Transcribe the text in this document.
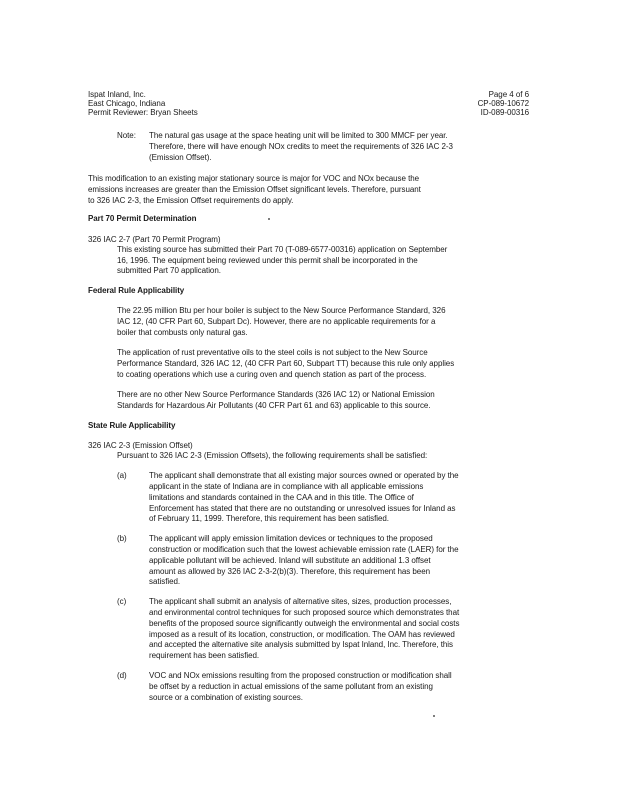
Ispat Inland, Inc.
East Chicago, Indiana
Permit Reviewer: Bryan Sheets
Page 4 of 6
CP-089-10672
ID-089-00316
Note: The natural gas usage at the space heating unit will be limited to 300 MMCF per year.
Therefore, there will have enough NOx credits to meet the requirements of 326 IAC 2-3
(Emission Offset).
This modification to an existing major stationary source is major for VOC and NOx because the
emissions increases are greater than the Emission Offset significant levels. Therefore, pursuant
to 326 IAC 2-3, the Emission Offset requirements do apply.
Part 70 Permit Determination
326 IAC 2-7 (Part 70 Permit Program)
This existing source has submitted their Part 70 (T-089-6577-00316) application on September
16, 1996. The equipment being reviewed under this permit shall be incorporated in the
submitted Part 70 application.
Federal Rule Applicability
The 22.95 million Btu per hour boiler is subject to the New Source Performance Standard, 326
IAC 12, (40 CFR Part 60, Subpart Dc). However, there are no applicable requirements for a
boiler that combusts only natural gas.
The application of rust preventative oils to the steel coils is not subject to the New Source
Performance Standard, 326 IAC 12, (40 CFR Part 60, Subpart TT) because this rule only applies
to coating operations which use a curing oven and quench station as part of the process.
There are no other New Source Performance Standards (326 IAC 12) or National Emission
Standards for Hazardous Air Pollutants (40 CFR Part 61 and 63) applicable to this source.
State Rule Applicability
326 IAC 2-3 (Emission Offset)
Pursuant to 326 IAC 2-3 (Emission Offsets), the following requirements shall be satisfied:
(a)	The applicant shall demonstrate that all existing major sources owned or operated by the
applicant in the state of Indiana are in compliance with all applicable emissions
limitations and standards contained in the CAA and in this title. The Office of
Enforcement has stated that there are no outstanding or unresolved issues for Inland as
of February 11, 1999. Therefore, this requirement has been satisfied.
(b)	The applicant will apply emission limitation devices or techniques to the proposed
construction or modification such that the lowest achievable emission rate (LAER) for the
applicable pollutant will be achieved. Inland will substitute an additional 1.3 offset
amount as allowed by 326 IAC 2-3-2(b)(3). Therefore, this requirement has been
satisfied.
(c)	The applicant shall submit an analysis of alternative sites, sizes, production processes,
and environmental control techniques for such proposed source which demonstrates that
benefits of the proposed source significantly outweigh the environmental and social costs
imposed as a result of its location, construction, or modification. The OAM has reviewed
and accepted the alternative site analysis submitted by Ispat Inland, Inc. Therefore, this
requirement has been satisfied.
(d)	VOC and NOx emissions resulting from the proposed construction or modification shall
be offset by a reduction in actual emissions of the same pollutant from an existing
source or a combination of existing sources.
